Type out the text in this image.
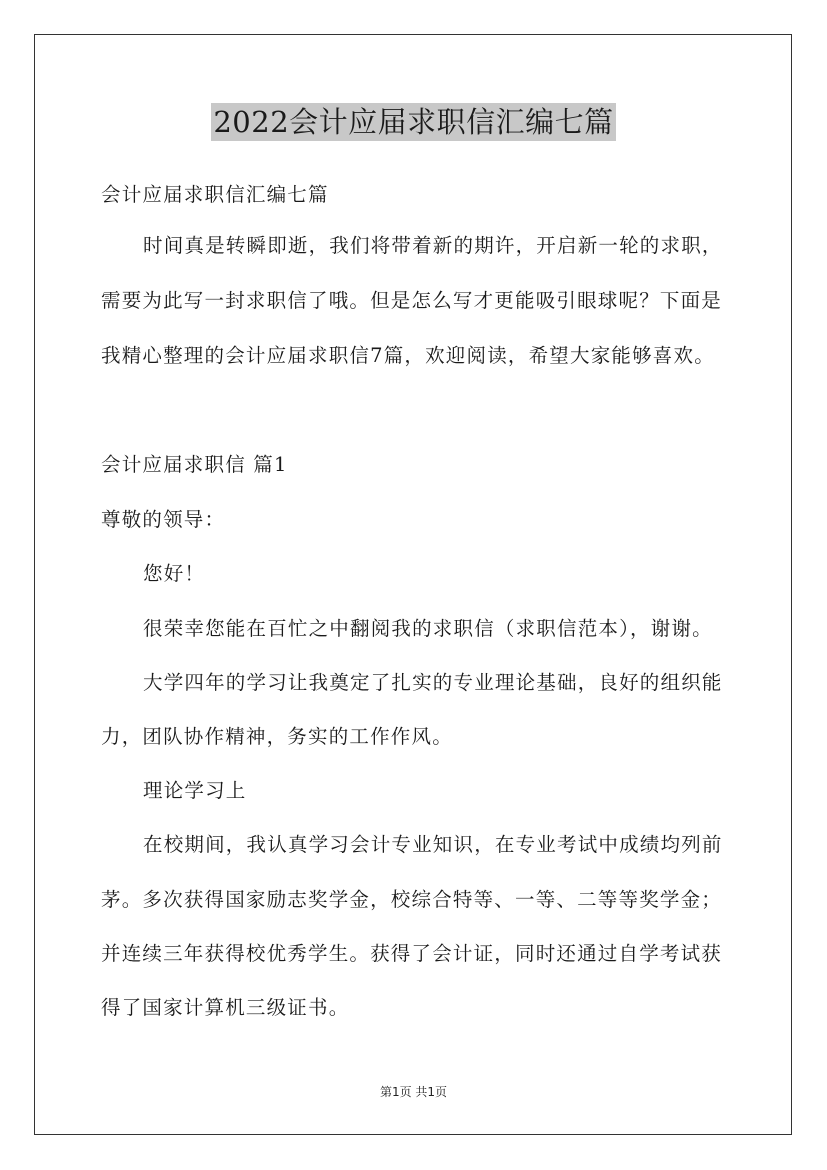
2022会计应届求职信汇编七篇
会计应届求职信汇编七篇
时间真是转瞬即逝，我们将带着新的期许，开启新一轮的求职，
需要为此写一封求职信了哦。但是怎么写才更能吸引眼球呢？下面是
我精心整理的会计应届求职信7篇，欢迎阅读，希望大家能够喜欢。
会计应届求职信 篇1
尊敬的领导：
您好！
很荣幸您能在百忙之中翻阅我的求职信（求职信范本），谢谢。
大学四年的学习让我奠定了扎实的专业理论基础，良好的组织能
力，团队协作精神，务实的工作作风。
理论学习上
在校期间，我认真学习会计专业知识，在专业考试中成绩均列前
茅。多次获得国家励志奖学金，校综合特等、一等、二等等奖学金；
并连续三年获得校优秀学生。获得了会计证，同时还通过自学考试获
得了国家计算机三级证书。
第1页 共1页
